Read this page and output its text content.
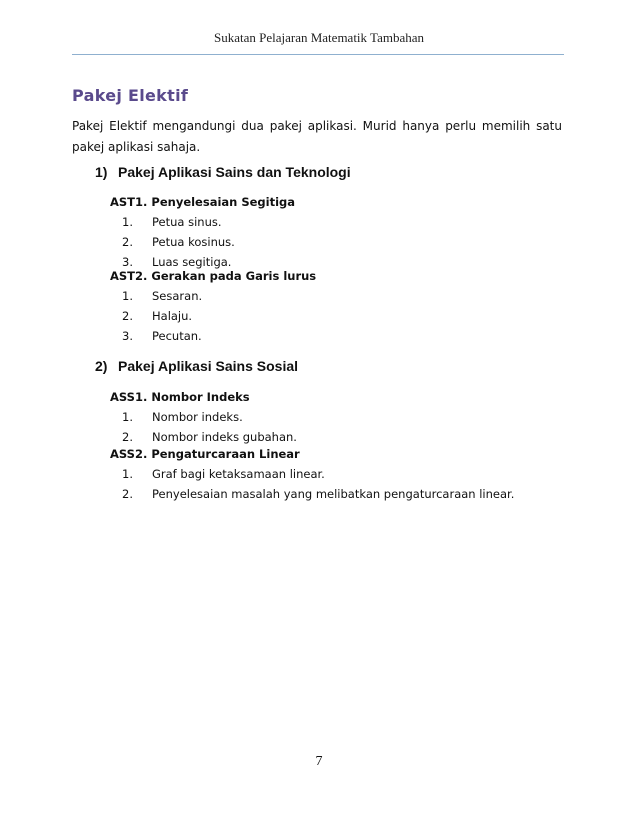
Sukatan Pelajaran Matematik Tambahan
Pakej Elektif

Pakej Elektif mengandungi dua pakej aplikasi. Murid hanya perlu memilih satu pakej aplikasi sahaja.

1) Pakej Aplikasi Sains dan Teknologi

AST1. Penyelesaian Segitiga

1.	Petua sinus.
2.	Petua kosinus.
3.	Luas segitiga.

AST2. Gerakan pada Garis lurus

1.	Sesaran.
2.	Halaju.
3.	Pecutan.
2) Pakej Aplikasi Sains Sosial

ASS1. Nombor Indeks

1.	Nombor indeks.
2.	Nombor indeks gubahan.

ASS2. Pengaturcaraan Linear

1.	Graf bagi ketaksamaan linear.
2.	Penyelesaian masalah yang melibatkan pengaturcaraan linear.
7
